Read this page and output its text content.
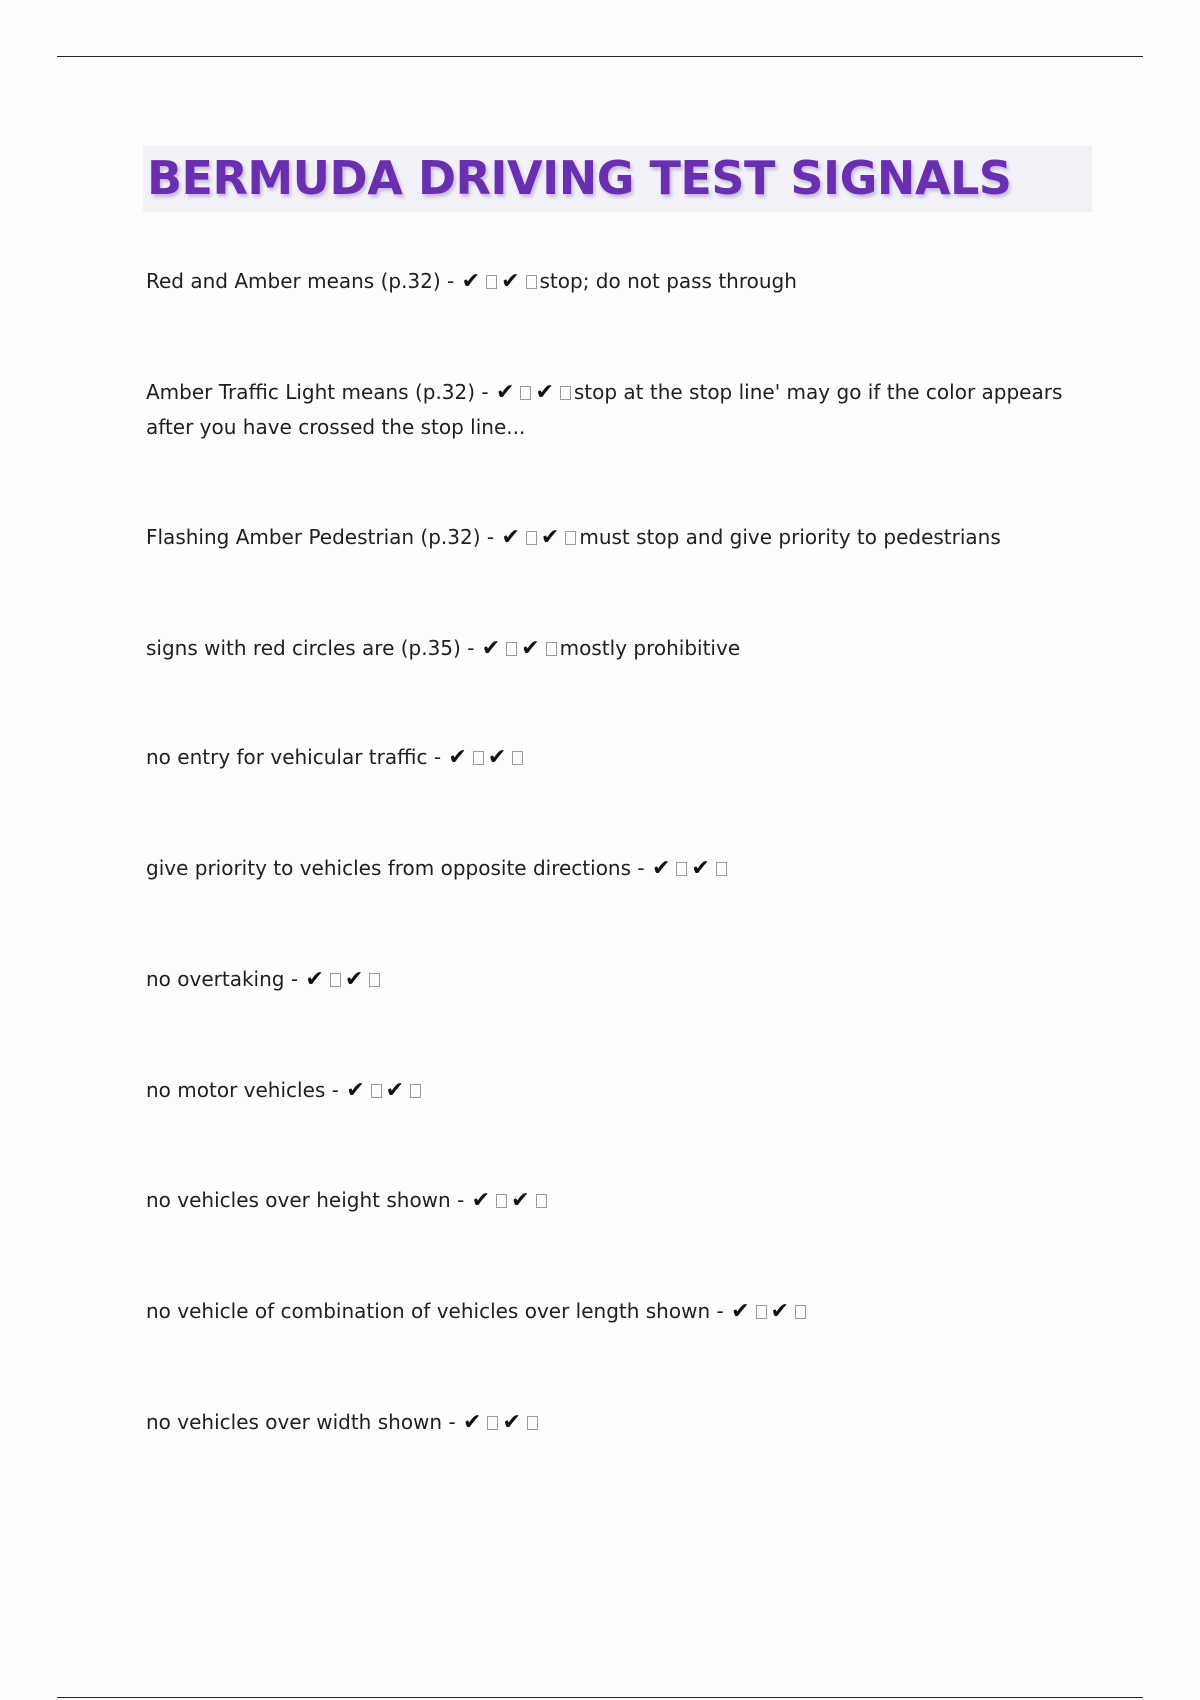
BERMUDA DRIVING TEST SIGNALS
Red and Amber means (p.32) - ✔ ✔ stop; do not pass through
Amber Traffic Light means (p.32) - ✔ ✔ stop at the stop line' may go if the color appears after you have crossed the stop line...
Flashing Amber Pedestrian (p.32) - ✔ ✔ must stop and give priority to pedestrians
signs with red circles are (p.35) - ✔ ✔ mostly prohibitive
no entry for vehicular traffic - ✔ ✔
give priority to vehicles from opposite directions - ✔ ✔
no overtaking - ✔ ✔
no motor vehicles - ✔ ✔
no vehicles over height shown - ✔ ✔
no vehicle of combination of vehicles over length shown - ✔ ✔
no vehicles over width shown - ✔ ✔
